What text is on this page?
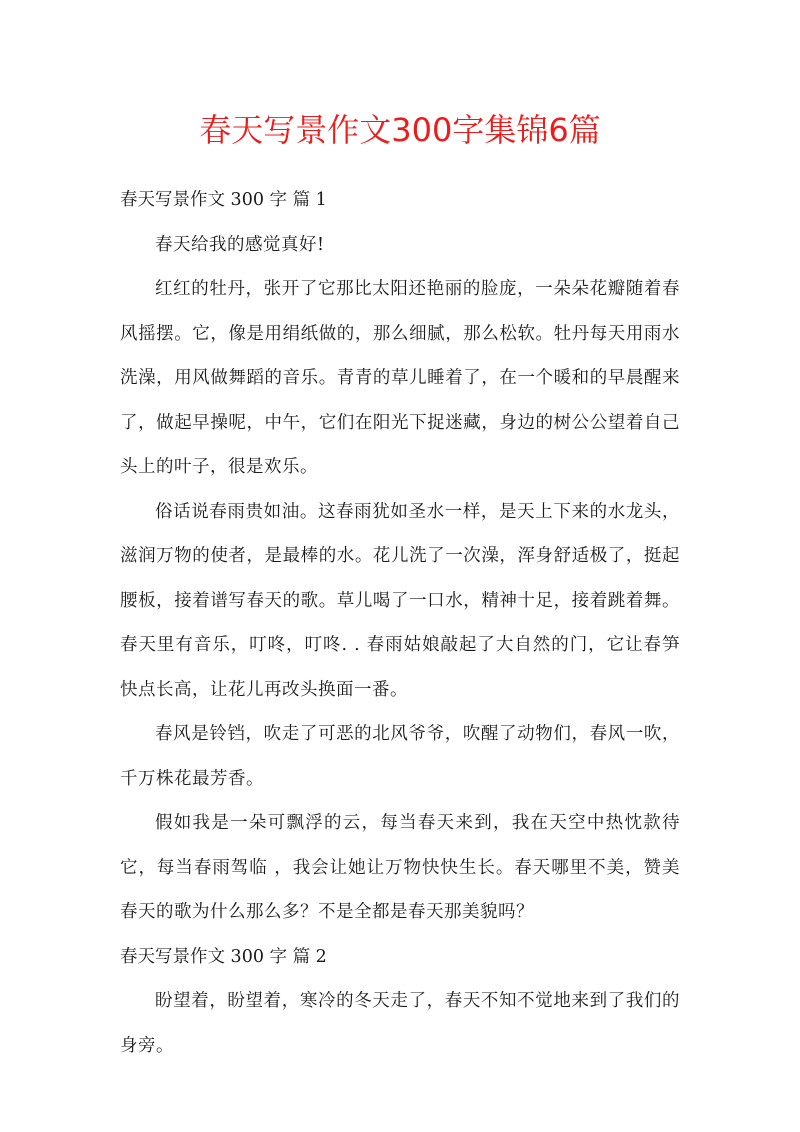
春天写景作文300字集锦6篇

春天写景作文 300 字 篇 1

春天给我的感觉真好!

红红的牡丹，张开了它那比太阳还艳丽的脸庞，一朵朵花瓣随着春风摇摆。它，像是用绢纸做的，那么细腻，那么松软。牡丹每天用雨水洗澡，用风做舞蹈的音乐。青青的草儿睡着了，在一个暖和的早晨醒来了，做起早操呢，中午，它们在阳光下捉迷藏，身边的树公公望着自己头上的叶子，很是欢乐。

俗话说春雨贵如油。这春雨犹如圣水一样，是天上下来的水龙头，滋润万物的使者，是最棒的水。花儿洗了一次澡，浑身舒适极了，挺起腰板，接着谱写春天的歌。草儿喝了一口水，精神十足，接着跳着舞。春天里有音乐，叮咚，叮咚. . 春雨姑娘敲起了大自然的门，它让春笋快点长高，让花儿再改头换面一番。

春风是铃铛，吹走了可恶的北风爷爷，吹醒了动物们，春风一吹，千万株花最芳香。

假如我是一朵可飘浮的云，每当春天来到，我在天空中热忱款待它，每当春雨驾临 ，我会让她让万物快快生长。春天哪里不美，赞美春天的歌为什么那么多？不是全都是春天那美貌吗？

春天写景作文 300 字 篇 2

盼望着，盼望着，寒冷的冬天走了，春天不知不觉地来到了我们的身旁。
